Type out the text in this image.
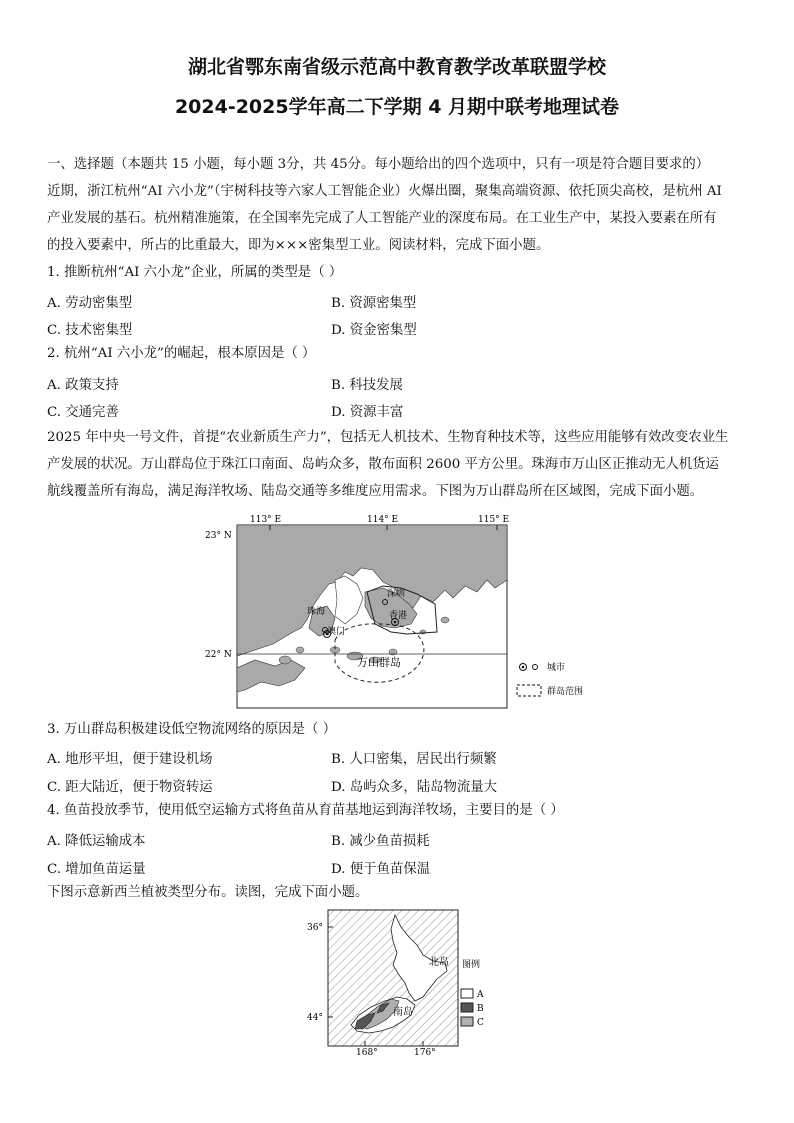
湖北省鄂东南省级示范高中教育教学改革联盟学校
2024-2025学年高二下学期 4 月期中联考地理试卷
一、选择题（本题共 15 小题，每小题 3分，共 45分。每小题给出的四个选项中，只有一项是符合题目要求的）
近期，浙江杭州“AI 六小龙”（宇树科技等六家人工智能企业）火爆出圈，聚集高端资源、依托顶尖高校，是杭州 AI
产业发展的基石。杭州精准施策，在全国率先完成了人工智能产业的深度布局。在工业生产中，某投入要素在所有
的投入要素中，所占的比重最大，即为×××密集型工业。阅读材料，完成下面小题。
1. 推断杭州“AI 六小龙”企业，所属的类型是（ ）
A. 劳动密集型	B. 资源密集型
C. 技术密集型	D. 资金密集型
2. 杭州“AI 六小龙”的崛起，根本原因是（ ）
A. 政策支持	B. 科技发展
C. 交通完善	D. 资源丰富
2025 年中央一号文件，首提“农业新质生产力”，包括无人机技术、生物育种技术等，这些应用能够有效改变农业生
产发展的状况。万山群岛位于珠江口南面、岛屿众多，散布面积 2600 平方公里。珠海市万山区正推动无人机货运
航线覆盖所有海岛，满足海洋牧场、陆岛交通等多维度应用需求。下图为万山群岛所在区域图，完成下面小题。
113° E	114° E	115° E
23° N
22° N
深圳
珠海	香港
澳门
万山群岛	城市
群岛范围
3. 万山群岛积极建设低空物流网络的原因是（ ）
A. 地形平坦，便于建设机场	B. 人口密集，居民出行频繁
C. 距大陆近，便于物资转运	D. 岛屿众多，陆岛物流量大
4. 鱼苗投放季节，使用低空运输方式将鱼苗从育苗基地运到海洋牧场，主要目的是（ ）
A. 降低运输成本	B. 减少鱼苗损耗
C. 增加鱼苗运量	D. 便于鱼苗保温
下图示意新西兰植被类型分布。读图，完成下面小题。
36°
44°
168°	176°
北岛
南岛
图例
A
B
C
